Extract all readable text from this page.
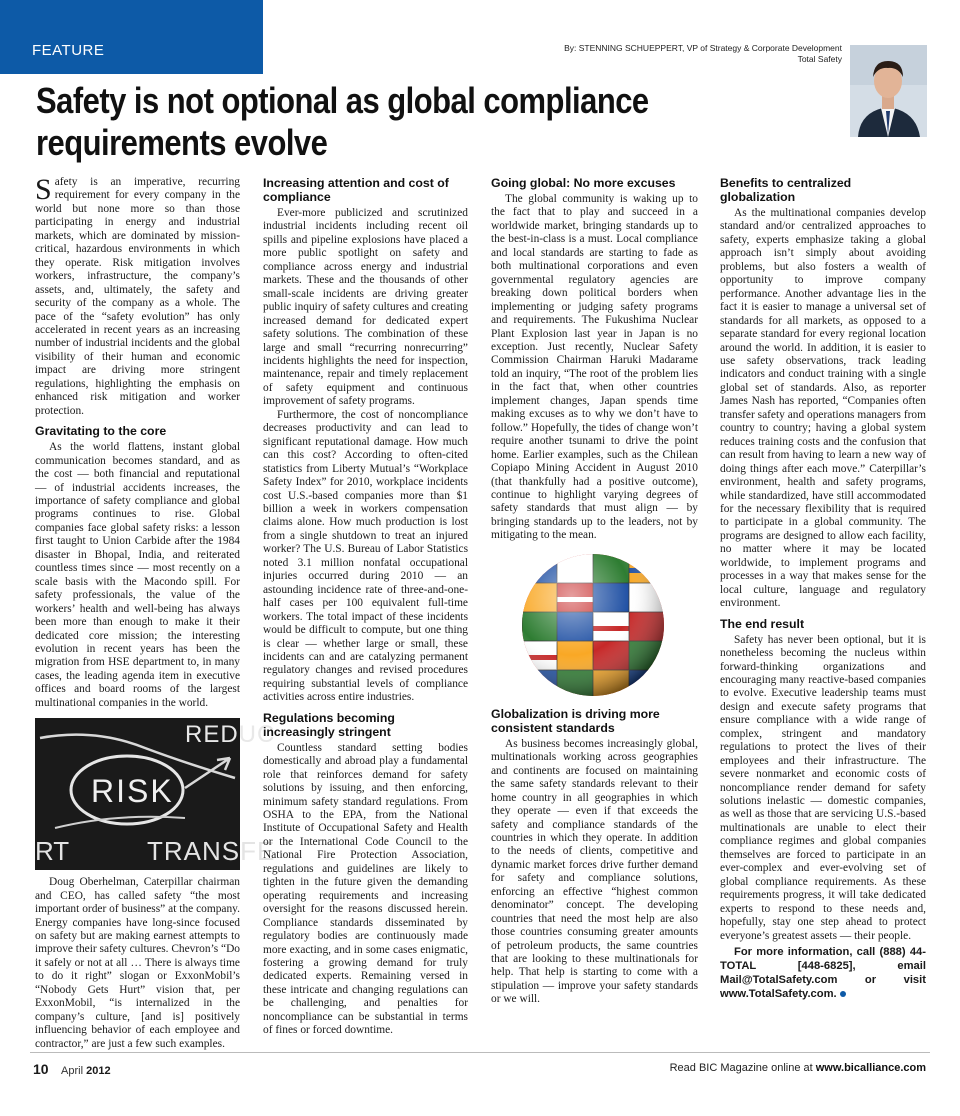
FEATURE	By: STENNING SCHUEPPERT, VP of Strategy & Corporate Development
Total Safety
Safety is not optional as global compliance
requirements evolve

Safety is an imperative, recurring requirement for every company in the world but none more so than those participating in energy and industrial markets, which are dominated by mission-critical, hazardous environments in which they operate. Risk mitigation involves workers, infrastructure, the company’s assets, and, ultimately, the safety and security of the company as a whole. The pace of the “safety evolution” has only accelerated in recent years as an increasing number of industrial incidents and the global visibility of their human and economic impact are driving more stringent regulations, highlighting the emphasis on enhanced risk mitigation and worker protection.

Gravitating to the core

As the world flattens, instant global communication becomes standard, and as the cost — both financial and reputational — of industrial accidents increases, the importance of safety compliance and global programs continues to rise. Global companies face global safety risks: a lesson first taught to Union Carbide after the 1984 disaster in Bhopal, India, and reiterated countless times since — most recently on a scale basis with the Macondo spill. For safety professionals, the value of the workers’ health and well-being has always been more than enough to make it their dedicated core mission; the interesting evolution in recent years has been the migration from HSE department to, in many cases, the leading agenda item in executive offices and board rooms of the largest multinational companies in the world.

REDUC
RISK
TRANSFE
RT

Doug Oberhelman, Caterpillar chairman and CEO, has called safety “the most important order of business” at the company. Energy companies have long-since focused on safety but are making earnest attempts to improve their safety cultures. Chevron’s “Do it safely or not at all … There is always time to do it right” slogan or ExxonMobil’s “Nobody Gets Hurt” vision that, per ExxonMobil, “is internalized in the company’s culture, [and is] positively influencing behavior of each employee and contractor,” are just a few such examples.

Increasing attention and cost of compliance

Ever-more publicized and scrutinized industrial incidents including recent oil spills and pipeline explosions have placed a more public spotlight on safety and compliance across energy and industrial markets. These and the thousands of other small-scale incidents are driving greater public inquiry of safety cultures and creating increased demand for dedicated expert safety solutions. The combination of these large and small “recurring nonrecurring” incidents highlights the need for inspection, maintenance, repair and timely replacement of safety equipment and continuous improvement of safety programs.

Furthermore, the cost of noncompliance decreases productivity and can lead to significant reputational damage. How much can this cost? According to often-cited statistics from Liberty Mutual’s “Workplace Safety Index” for 2010, workplace incidents cost U.S.-based companies more than $1 billion a week in workers compensation claims alone. How much production is lost from a single shutdown to treat an injured worker? The U.S. Bureau of Labor Statistics noted 3.1 million nonfatal occupational injuries occurred during 2010 — an astounding incidence rate of three-and-one-half cases per 100 equivalent full-time workers. The total impact of these incidents would be difficult to compute, but one thing is clear — whether large or small, these incidents can and are catalyzing permanent regulatory changes and revised procedures requiring substantial levels of compliance activities across entire industries.

Regulations becoming increasingly stringent

Countless standard setting bodies domestically and abroad play a fundamental role that reinforces demand for safety solutions by issuing, and then enforcing, minimum safety standard regulations. From OSHA to the EPA, from the National Institute of Occupational Safety and Health or the International Code Council to the National Fire Protection Association, regulations and guidelines are likely to tighten in the future given the demanding operating requirements and increasing oversight for the reasons discussed herein. Compliance standards disseminated by regulatory bodies are continuously made more exacting, and in some cases enigmatic, fostering a growing demand for truly dedicated experts. Remaining versed in these intricate and changing regulations can be challenging, and penalties for noncompliance can be substantial in terms of fines or forced downtime.

Going global: No more excuses

The global community is waking up to the fact that to play and succeed in a worldwide market, bringing standards up to the best-in-class is a must. Local compliance and local standards are starting to fade as both multinational corporations and even governmental regulatory agencies are breaking down political borders when implementing or judging safety programs and requirements. The Fukushima Nuclear Plant Explosion last year in Japan is no exception. Just recently, Nuclear Safety Commission Chairman Haruki Madarame told an inquiry, “The root of the problem lies in the fact that, when other countries implement changes, Japan spends time making excuses as to why we don’t have to follow.” Hopefully, the tides of change won’t require another tsunami to drive the point home. Earlier examples, such as the Chilean Copiapo Mining Accident in August 2010 (that thankfully had a positive outcome), continue to highlight varying degrees of safety standards that must align — by bringing standards up to the leaders, not by mitigating to the mean.

Globalization is driving more consistent standards

As business becomes increasingly global, multinationals working across geographies and continents are focused on maintaining the same safety standards relevant to their home country in all geographies in which they operate — even if that exceeds the safety and compliance standards of the countries in which they operate. In addition to the needs of clients, competitive and dynamic market forces drive further demand for safety and compliance solutions, enforcing an effective “highest common denominator” concept. The developing countries that need the most help are also those countries consuming greater amounts of petroleum products, the same countries that are looking to these multinationals for help. That help is starting to come with a stipulation — improve your safety standards or we will.

Benefits to centralized globalization

As the multinational companies develop standard and/or centralized approaches to safety, experts emphasize taking a global approach isn’t simply about avoiding problems, but also fosters a wealth of opportunity to improve company performance. Another advantage lies in the fact it is easier to manage a universal set of standards for all markets, as opposed to a separate standard for every regional location around the world. In addition, it is easier to use safety observations, track leading indicators and conduct training with a single global set of standards. Also, as reporter James Nash has reported, “Companies often transfer safety and operations managers from country to country; having a global system reduces training costs and the confusion that can result from having to learn a new way of doing things after each move.” Caterpillar’s environment, health and safety programs, while standardized, have still accommodated for the necessary flexibility that is required to participate in a global community. The programs are designed to allow each facility, no matter where it may be located worldwide, to implement programs and processes in a way that makes sense for the local culture, language and regulatory environment.

The end result

Safety has never been optional, but it is nonetheless becoming the nucleus within forward-thinking organizations and encouraging many reactive-based companies to evolve. Executive leadership teams must design and execute safety programs that ensure compliance with a wide range of complex, stringent and mandatory regulations to protect the lives of their employees and their infrastructure. The severe nonmarket and economic costs of noncompliance render demand for safety solutions inelastic — domestic companies, as well as those that are servicing U.S.-based multinationals are unable to elect their compliance regimes and global companies themselves are forced to participate in an ever-complex and ever-evolving set of global compliance requirements. As these requirements progress, it will take dedicated experts to respond to these needs and, hopefully, stay one step ahead to protect everyone’s greatest assets — their people.

For more information, call (888) 44-TOTAL [448-6825], email Mail@TotalSafety.com or visit www.TotalSafety.com.

10 April 2012	Read BIC Magazine online at www.bicalliance.com
